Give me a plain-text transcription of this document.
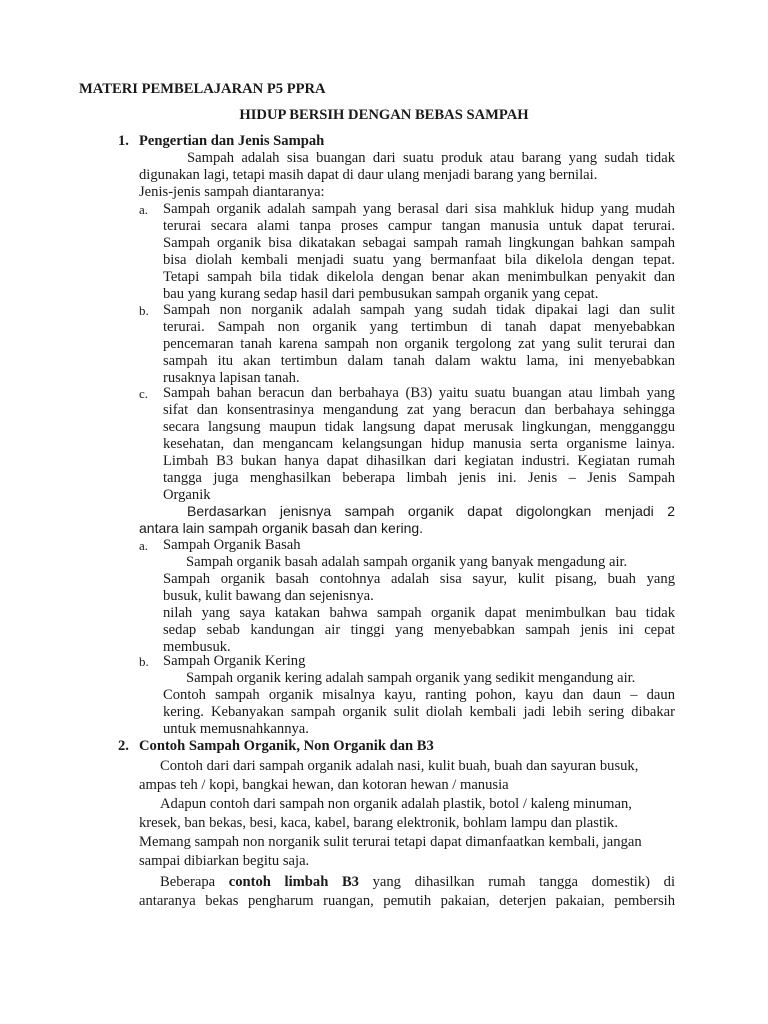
MATERI PEMBELAJARAN P5 PPRA
HIDUP BERSIH DENGAN BEBAS SAMPAH
1. Pengertian dan Jenis Sampah
Sampah adalah sisa buangan dari suatu produk atau barang yang sudah tidak
digunakan lagi, tetapi masih dapat di daur ulang menjadi barang yang bernilai.
Jenis-jenis sampah diantaranya:
a. Sampah organik adalah sampah yang berasal dari sisa mahkluk hidup yang mudah
terurai secara alami tanpa proses campur tangan manusia untuk dapat terurai.
Sampah organik bisa dikatakan sebagai sampah ramah lingkungan bahkan sampah
bisa diolah kembali menjadi suatu yang bermanfaat bila dikelola dengan tepat.
Tetapi sampah bila tidak dikelola dengan benar akan menimbulkan penyakit dan
bau yang kurang sedap hasil dari pembusukan sampah organik yang cepat.
b. Sampah non norganik adalah sampah yang sudah tidak dipakai lagi dan sulit
terurai. Sampah non organik yang tertimbun di tanah dapat menyebabkan
pencemaran tanah karena sampah non organik tergolong zat yang sulit terurai dan
sampah itu akan tertimbun dalam tanah dalam waktu lama, ini menyebabkan
rusaknya lapisan tanah.
c. Sampah bahan beracun dan berbahaya (B3) yaitu suatu buangan atau limbah yang
sifat dan konsentrasinya mengandung zat yang beracun dan berbahaya sehingga
secara langsung maupun tidak langsung dapat merusak lingkungan, mengganggu
kesehatan, dan mengancam kelangsungan hidup manusia serta organisme lainya.
Limbah B3 bukan hanya dapat dihasilkan dari kegiatan industri. Kegiatan rumah
tangga juga menghasilkan beberapa limbah jenis ini. Jenis – Jenis Sampah
Organik
Berdasarkan jenisnya sampah organik dapat digolongkan menjadi 2
antara lain sampah organik basah dan kering.
a. Sampah Organik Basah
Sampah organik basah adalah sampah organik yang banyak mengadung air.
Sampah organik basah contohnya adalah sisa sayur, kulit pisang, buah yang
busuk, kulit bawang dan sejenisnya.
nilah yang saya katakan bahwa sampah organik dapat menimbulkan bau tidak
sedap sebab kandungan air tinggi yang menyebabkan sampah jenis ini cepat
membusuk.
b. Sampah Organik Kering
Sampah organik kering adalah sampah organik yang sedikit mengandung air.
Contoh sampah organik misalnya kayu, ranting pohon, kayu dan daun – daun
kering. Kebanyakan sampah organik sulit diolah kembali jadi lebih sering dibakar
untuk memusnahkannya.
2. Contoh Sampah Organik, Non Organik dan B3
Contoh dari dari sampah organik adalah nasi, kulit buah, buah dan sayuran busuk,
ampas teh / kopi, bangkai hewan, dan kotoran hewan / manusia
Adapun contoh dari sampah non organik adalah plastik, botol / kaleng minuman,
kresek, ban bekas, besi, kaca, kabel, barang elektronik, bohlam lampu dan plastik.
Memang sampah non norganik sulit terurai tetapi dapat dimanfaatkan kembali, jangan
sampai dibiarkan begitu saja.
Beberapa contoh limbah B3 yang dihasilkan rumah tangga domestik) di
antaranya bekas pengharum ruangan, pemutih pakaian, deterjen pakaian, pembersih
